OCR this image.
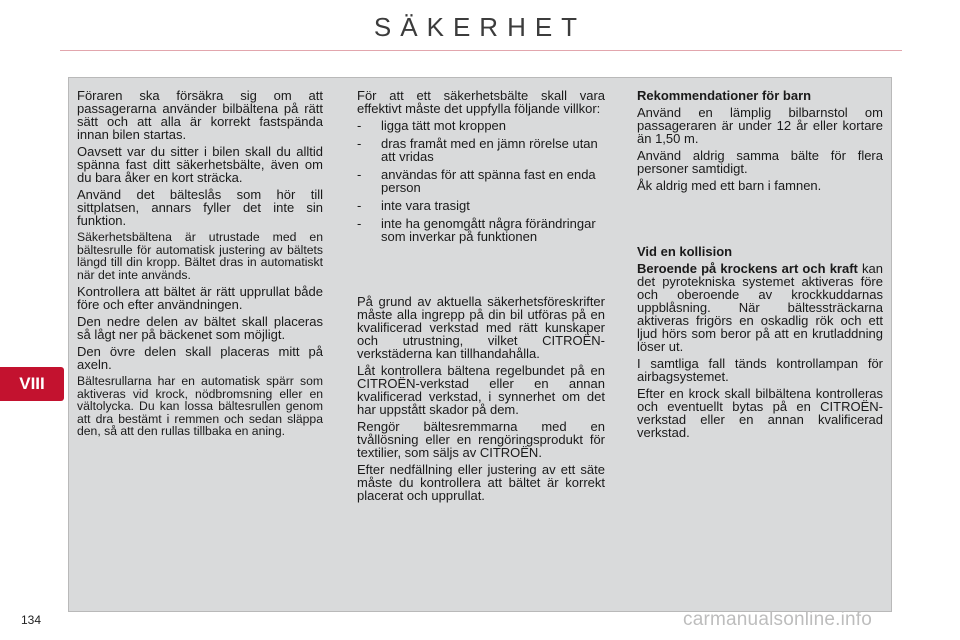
SÄKERHET
VIII

Föraren ska försäkra sig om att passagerarna använder bilbältena på rätt sätt och att alla är korrekt fastspända innan bilen startas.

Oavsett var du sitter i bilen skall du alltid spänna fast ditt säkerhetsbälte, även om du bara åker en kort sträcka.

Använd det bälteslås som hör till sittplatsen, annars fyller det inte sin funktion.

Säkerhetsbältena är utrustade med en bältesrulle för automatisk justering av bältets längd till din kropp. Bältet dras in automatiskt när det inte används.

Kontrollera att bältet är rätt upprullat både före och efter användningen.

Den nedre delen av bältet skall placeras så lågt ner på bäckenet som möjligt.

Den övre delen skall placeras mitt på axeln.

Bältesrullarna har en automatisk spärr som aktiveras vid krock, nödbromsning eller en vältolycka. Du kan lossa bältesrullen genom att dra bestämt i remmen och sedan släppa den, så att den rullas tillbaka en aning.

För att ett säkerhetsbälte skall vara effektivt måste det uppfylla följande villkor:

- ligga tätt mot kroppen
- dras framåt med en jämn rörelse utan att vridas
- användas för att spänna fast en enda person
- inte vara trasigt
- inte ha genomgått några förändringar som inverkar på funktionen

På grund av aktuella säkerhetsföreskrifter måste alla ingrepp på din bil utföras på en kvalificerad verkstad med rätt kunskaper och utrustning, vilket CITROËN-verkstäderna kan tillhandahålla.

Låt kontrollera bältena regelbundet på en CITROËN-verkstad eller en annan kvalificerad verkstad, i synnerhet om det har uppstått skador på dem.

Rengör bältesremmarna med en tvållösning eller en rengöringsprodukt för textilier, som säljs av CITROËN.

Efter nedfällning eller justering av ett säte måste du kontrollera att bältet är korrekt placerat och upprullat.

Rekommendationer för barn

Använd en lämplig bilbarnstol om passageraren är under 12 år eller kortare än 1,50 m.

Använd aldrig samma bälte för flera personer samtidigt.

Åk aldrig med ett barn i famnen.

Vid en kollision

Beroende på krockens art och kraft kan det pyrotekniska systemet aktiveras före och oberoende av krockkuddarnas uppblåsning. När bältessträckarna aktiveras frigörs en oskadlig rök och ett ljud hörs som beror på att en krutladdning löser ut.

I samtliga fall tänds kontrollampan för airbagsystemet.

Efter en krock skall bilbältena kontrolleras och eventuellt bytas på en CITROËN-verkstad eller en annan kvalificerad verkstad.

134	carmanualsonline.info
